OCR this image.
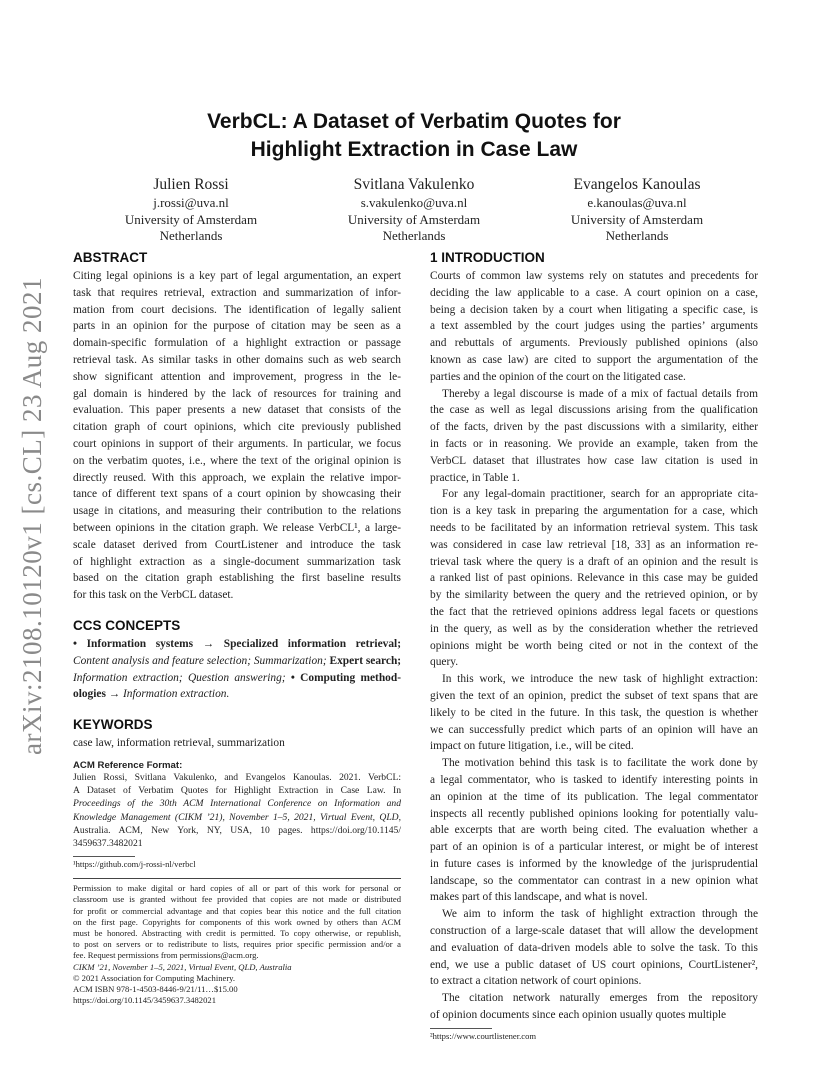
arXiv:2108.10120v1 [cs.CL] 23 Aug 2021
VerbCL: A Dataset of Verbatim Quotes for
Highlight Extraction in Case Law
Julien Rossi
j.rossi@uva.nl
University of Amsterdam
Netherlands
Svitlana Vakulenko
s.vakulenko@uva.nl
University of Amsterdam
Netherlands
Evangelos Kanoulas
e.kanoulas@uva.nl
University of Amsterdam
Netherlands
ABSTRACT
Citing legal opinions is a key part of legal argumentation, an expert
task that requires retrieval, extraction and summarization of infor-
mation from court decisions. The identification of legally salient
parts in an opinion for the purpose of citation may be seen as a
domain-specific formulation of a highlight extraction or passage
retrieval task. As similar tasks in other domains such as web search
show significant attention and improvement, progress in the le-
gal domain is hindered by the lack of resources for training and
evaluation. This paper presents a new dataset that consists of the
citation graph of court opinions, which cite previously published
court opinions in support of their arguments. In particular, we focus
on the verbatim quotes, i.e., where the text of the original opinion is
directly reused. With this approach, we explain the relative impor-
tance of different text spans of a court opinion by showcasing their
usage in citations, and measuring their contribution to the relations
between opinions in the citation graph. We release VerbCL¹, a large-
scale dataset derived from CourtListener and introduce the task
of highlight extraction as a single-document summarization task
based on the citation graph establishing the first baseline results
for this task on the VerbCL dataset.
CCS CONCEPTS
• Information systems → Specialized information retrieval;
Content analysis and feature selection; Summarization; Expert search;
Information extraction; Question answering; • Computing method-
ologies → Information extraction.
KEYWORDS
case law, information retrieval, summarization
ACM Reference Format:
Julien Rossi, Svitlana Vakulenko, and Evangelos Kanoulas. 2021. VerbCL:
A Dataset of Verbatim Quotes for Highlight Extraction in Case Law. In
Proceedings of the 30th ACM International Conference on Information and
Knowledge Management (CIKM ’21), November 1–5, 2021, Virtual Event, QLD,
Australia. ACM, New York, NY, USA, 10 pages. https://doi.org/10.1145/
3459637.3482021
¹https://github.com/j-rossi-nl/verbcl
Permission to make digital or hard copies of all or part of this work for personal or
classroom use is granted without fee provided that copies are not made or distributed
for profit or commercial advantage and that copies bear this notice and the full citation
on the first page. Copyrights for components of this work owned by others than ACM
must be honored. Abstracting with credit is permitted. To copy otherwise, or republish,
to post on servers or to redistribute to lists, requires prior specific permission and/or a
fee. Request permissions from permissions@acm.org.
CIKM ’21, November 1–5, 2021, Virtual Event, QLD, Australia
© 2021 Association for Computing Machinery.
ACM ISBN 978-1-4503-8446-9/21/11…$15.00
https://doi.org/10.1145/3459637.3482021
1 INTRODUCTION
Courts of common law systems rely on statutes and precedents for
deciding the law applicable to a case. A court opinion on a case,
being a decision taken by a court when litigating a specific case, is
a text assembled by the court judges using the parties’ arguments
and rebuttals of arguments. Previously published opinions (also
known as case law) are cited to support the argumentation of the
parties and the opinion of the court on the litigated case.
Thereby a legal discourse is made of a mix of factual details from
the case as well as legal discussions arising from the qualification
of the facts, driven by the past discussions with a similarity, either
in facts or in reasoning. We provide an example, taken from the
VerbCL dataset that illustrates how case law citation is used in
practice, in Table 1.
For any legal-domain practitioner, search for an appropriate cita-
tion is a key task in preparing the argumentation for a case, which
needs to be facilitated by an information retrieval system. This task
was considered in case law retrieval [18, 33] as an information re-
trieval task where the query is a draft of an opinion and the result is
a ranked list of past opinions. Relevance in this case may be guided
by the similarity between the query and the retrieved opinion, or by
the fact that the retrieved opinions address legal facets or questions
in the query, as well as by the consideration whether the retrieved
opinions might be worth being cited or not in the context of the
query.
In this work, we introduce the new task of highlight extraction:
given the text of an opinion, predict the subset of text spans that are
likely to be cited in the future. In this task, the question is whether
we can successfully predict which parts of an opinion will have an
impact on future litigation, i.e., will be cited.
The motivation behind this task is to facilitate the work done by
a legal commentator, who is tasked to identify interesting points in
an opinion at the time of its publication. The legal commentator
inspects all recently published opinions looking for potentially valu-
able excerpts that are worth being cited. The evaluation whether a
part of an opinion is of a particular interest, or might be of interest
in future cases is informed by the knowledge of the jurisprudential
landscape, so the commentator can contrast in a new opinion what
makes part of this landscape, and what is novel.
We aim to inform the task of highlight extraction through the
construction of a large-scale dataset that will allow the development
and evaluation of data-driven models able to solve the task. To this
end, we use a public dataset of US court opinions, CourtListener²,
to extract a citation network of court opinions.
The citation network naturally emerges from the repository
of opinion documents since each opinion usually quotes multiple
²https://www.courtlistener.com
